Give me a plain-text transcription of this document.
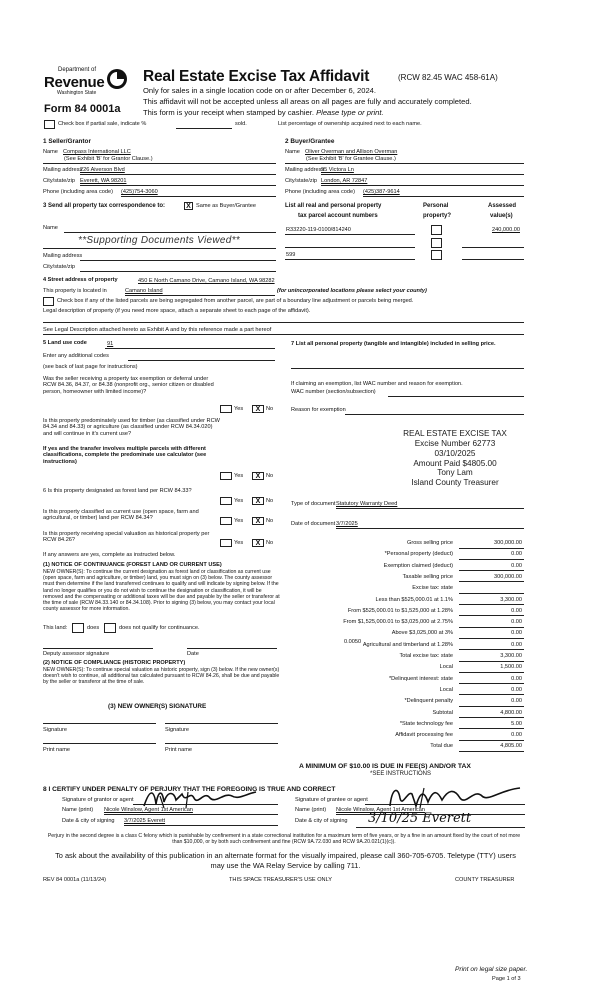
Department of
Revenue
Washington State
Form 84 0001a
Real Estate Excise Tax Affidavit	(RCW 82.45 WAC 458-61A)
Only for sales in a single location code on or after December 6, 2024.
This affidavit will not be accepted unless all areas on all pages are fully and accurately completed.
This form is your receipt when stamped by cashier. Please type or print.
Check box if partial sale, indicate %	sold.	List percentage of ownership acquired next to each name.
1 Seller/Grantor
Name Compass International LLC
(See Exhibit 'B' for Grantor Clause.)
Mailing address
226 Aiverson Blvd
City/state/zip Everett, WA 98201
Phone (including area code) (425)754-3060
2 Buyer/Grantee
Name Oliver Overman and Allison Overman
(See Exhibit 'B' for Grantee Clause.)
Mailing address
95 Victora Ln
City/state/zip London, AR 72847
Phone (including area code) (425)387-9614
3 Send all property tax correspondence to:	X Same as Buyer/Grantee
Name
**Supporting Documents Viewed**
Mailing address
City/state/zip
List all real and personal property
tax parcel account numbers
Personal
property?
Assessed
value(s)
R33220-119-0100/814240	240,000.00
599
4 Street address of property	450 E North Camano Drive, Camano Island, WA 98282
This property is located in	Camano Island	(for unincorporated locations please select your county)
Check box if any of the listed parcels are being segregated from another parcel, are part of a boundary line adjustment or parcels being merged.
Legal description of property (if you need more space, attach a separate sheet to each page of the affidavit).
See Legal Description attached hereto as Exhibit A and by this reference made a part hereof
5 Land use code	91
Enter any additional codes
(see back of last page for instructions)
Was the seller receiving a property tax exemption or deferral under RCW 84.36, 84.37, or 84.38 (nonprofit org., senior citizen or disabled person, homeowner with limited income)?
Yes	X	No
Is this property predominately used for timber (as classified under RCW 84.34 and 84.33) or agriculture (as classified under RCW 84.34.020) and will continue in it's current use?
If yes and the transfer involves multiple parcels with different classifications, complete the predominate use calculator (see instructions)
Yes	X	No
6 Is this property designated as forest land per RCW 84.33?
Yes	X	No
Is this property classified as current use (open space, farm and agricultural, or timber) land per RCW 84.34?	Yes	X	No
Is this property receiving special valuation as historical property per RCW 84.26?	Yes	X	No
If any answers are yes, complete as instructed below.
(1) NOTICE OF CONTINUANCE (FOREST LAND OR CURRENT USE)
NEW OWNER(S): To continue the current designation as forest land or classification as current use (open space, farm and agriculture, or timber) land, you must sign on (3) below. The county assessor must then determine if the land transferred continues to qualify and will indicate by signing below. If the land no longer qualifies or you do not wish to continue the designation or classification, it will be removed and the compensating or additional taxes will be due and payable by the seller or transferor at the time of sale (RCW 84.33.140 or 84.34.108). Prior to signing (3) below, you may contact your local county assessor for more information.
This land:	does	does not qualify for continuance.
Deputy assessor signature	Date
(2) NOTICE OF COMPLIANCE (HISTORIC PROPERTY)
NEW OWNER(S): To continue special valuation as historic property, sign (3) below. If the new owner(s) doesn't wish to continue, all additional tax calculated pursuant to RCW 84.26, shall be due and payable by the seller or transferor at the time of sale.
(3) NEW OWNER(S) SIGNATURE
Signature	Signature
Print name	Print name
7 List all personal property (tangible and intangible) included in selling price.
If claiming an exemption, list WAC number and reason for exemption.
WAC number (section/subsection)
Reason for exemption
REAL ESTATE EXCISE TAX
Excise Number 62773
03/10/2025
Amount Paid $4805.00
Tony Lam
Island County Treasurer
Type of document Statutory Warranty Deed
Date of document 3/7/2025
Gross selling price	300,000.00
*Personal property (deduct)	0.00
Exemption claimed (deduct)	0.00
Taxable selling price	300,000.00
Excise tax: state
Less than $525,000.01 at 1.1%	3,300.00
From $525,000.01 to $1,525,000 at 1.28%	0.00
From $1,525,000.01 to $3,025,000 at 2.75%	0.00
Above $3,025,000 at 3%	0.00
Agricultural and timberland at 1.28%	0.00
Total excise tax: state	3,300.00
Local	1,500.00
*Delinquent interest: state	0.00
Local	0.00
*Delinquent penalty	0.00
Subtotal	4,800.00
*State technology fee	5.00
Affidavit processing fee	0.00
Total due	4,805.00
0.0050
A MINIMUM OF $10.00 IS DUE IN FEE(S) AND/OR TAX
*SEE INSTRUCTIONS
8 I CERTIFY UNDER PENALTY OF PERJURY THAT THE FOREGOING IS TRUE AND CORRECT
Signature of grantor or agent
Name (print) Nicole Winslow, Agent 1st American
Date & city of signing 3/7/2025 Everett
Signature of grantee or agent
Name (print) Nicole Winslow, Agent 1st American
Date & city of signing 3/10/25 Everett
Perjury in the second degree is a class C felony which is punishable by confinement in a state correctional institution for a maximum term of five years, or by a fine in an amount fixed by the court of not more than $10,000, or by both such confinement and fine (RCW 9A.72.030 and RCW 9A.20.021(1)(c)).
To ask about the availability of this publication in an alternate format for the visually impaired, please call 360-705-6705. Teletype (TTY) users may use the WA Relay Service by calling 711.
REV 84 0001a (11/13/24)	THIS SPACE TREASURER'S USE ONLY	COUNTY TREASURER
Print on legal size paper.
Page 1 of 3
